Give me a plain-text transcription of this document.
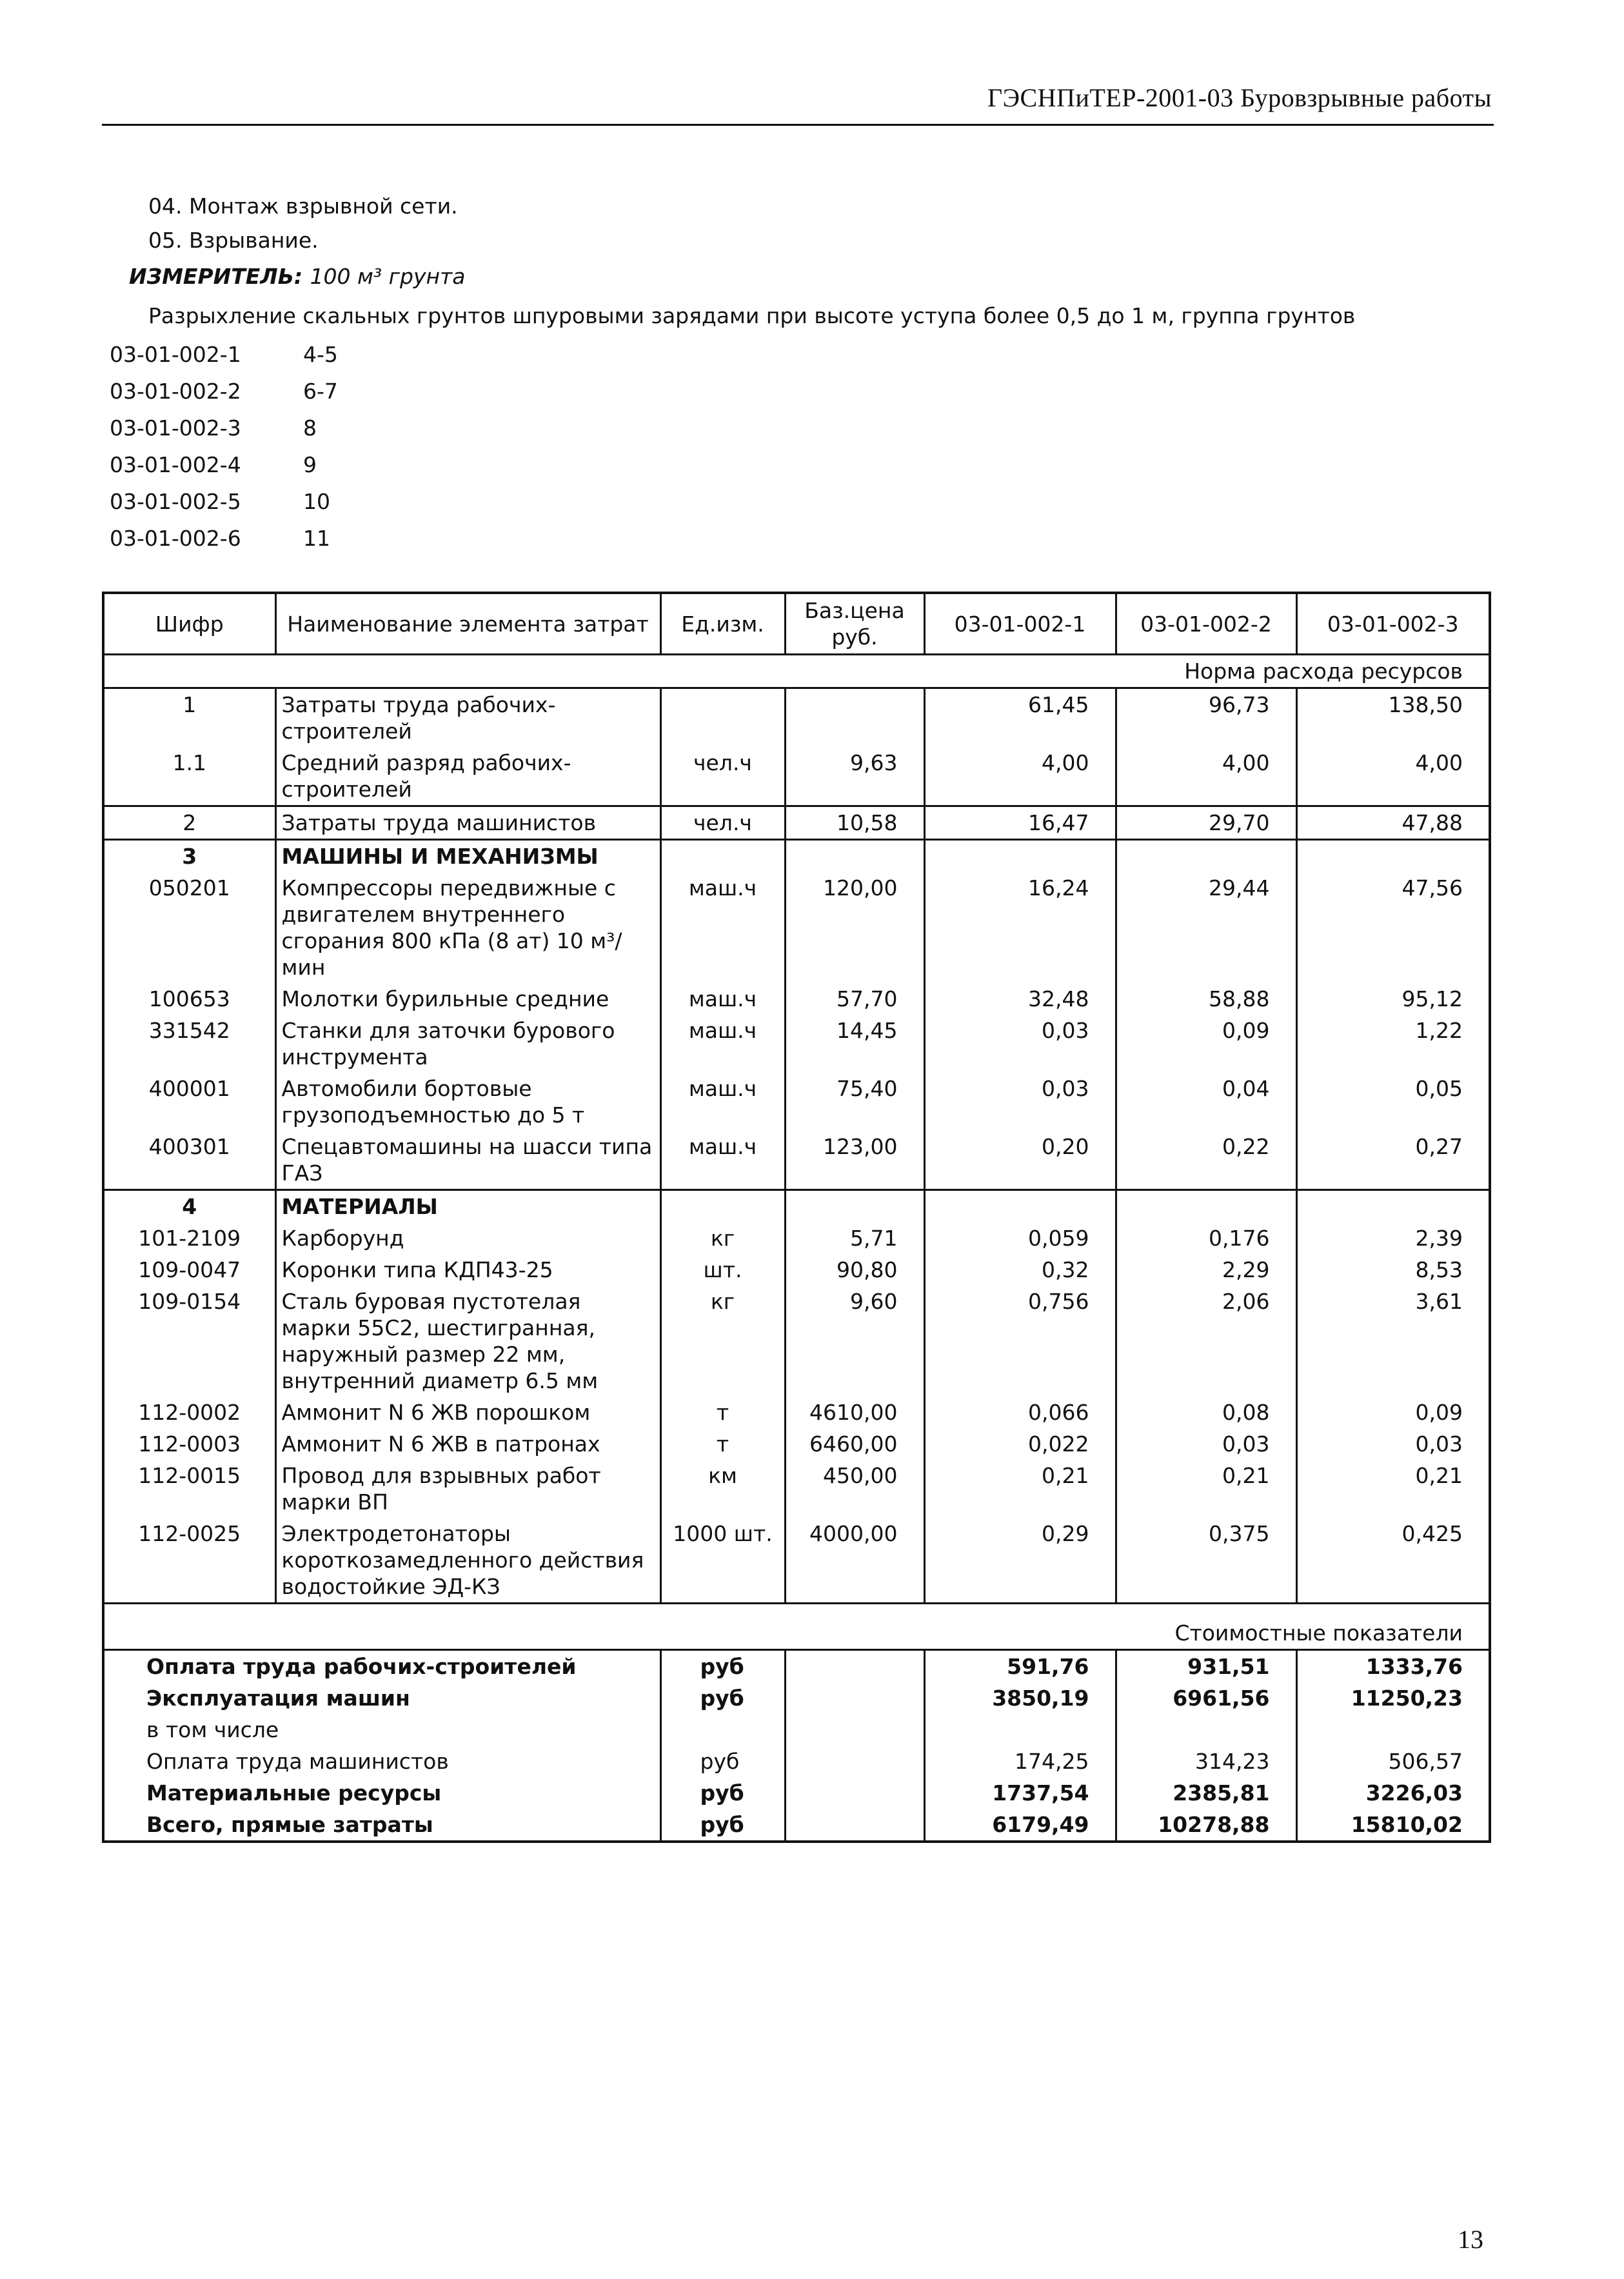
ГЭСНПиТЕР-2001-03 Буровзрывные работы
04. Монтаж взрывной сети.
05. Взрывание.
ИЗМЕРИТЕЛЬ: 100 м³ грунта
Разрыхление скальных грунтов шпуровыми зарядами при высоте уступа более 0,5 до 1 м, группа грунтов
03-01-002-1	4-5
03-01-002-2	6-7
03-01-002-3	8
03-01-002-4	9
03-01-002-5	10
03-01-002-6	11
Шифр	Наименование элемента затрат	Ед.изм.	Баз.цена руб.	03-01-002-1	03-01-002-2	03-01-002-3
Норма расхода ресурсов						
1	Затраты труда рабочих-строителей			61,45	96,73	138,50
1.1	Средний разряд рабочих-строителей	чел.ч	9,63	4,00	4,00	4,00
2	Затраты труда машинистов	чел.ч	10,58	16,47	29,70	47,88
3	МАШИНЫ И МЕХАНИЗМЫ					
050201	Компрессоры передвижные с двигателем внутреннего сгорания 800 кПа (8 ат) 10 м³/мин	маш.ч	120,00	16,24	29,44	47,56
100653	Молотки бурильные средние	маш.ч	57,70	32,48	58,88	95,12
331542	Станки для заточки бурового инструмента	маш.ч	14,45	0,03	0,09	1,22
400001	Автомобили бортовые грузоподъемностью до 5 т	маш.ч	75,40	0,03	0,04	0,05
400301	Спецавтомашины на шасси типа ГАЗ	маш.ч	123,00	0,20	0,22	0,27
4	МАТЕРИАЛЫ					
101-2109	Карборунд	кг	5,71	0,059	0,176	2,39
109-0047	Коронки типа КДП43-25	шт.	90,80	0,32	2,29	8,53
109-0154	Сталь буровая пустотелая марки 55С2, шестигранная, наружный размер 22 мм, внутренний диаметр 6.5 мм	кг	9,60	0,756	2,06	3,61
112-0002	Аммонит N 6 ЖВ порошком	т	4610,00	0,066	0,08	0,09
112-0003	Аммонит N 6 ЖВ в патронах	т	6460,00	0,022	0,03	0,03
112-0015	Провод для взрывных работ марки ВП	км	450,00	0,21	0,21	0,21
112-0025	Электродетонаторы короткозамедленного действия водостойкие ЭД-КЗ	1000 шт.	4000,00	0,29	0,375	0,425
Стоимостные показатели						
Оплата труда рабочих-строителей		руб		591,76	931,51	1333,76
Эксплуатация машин		руб		3850,19	6961,56	11250,23
в том числе						
Оплата труда машинистов		руб		174,25	314,23	506,57
Материальные ресурсы		руб		1737,54	2385,81	3226,03
Всего, прямые затраты		руб		6179,49	10278,88	15810,02
13
